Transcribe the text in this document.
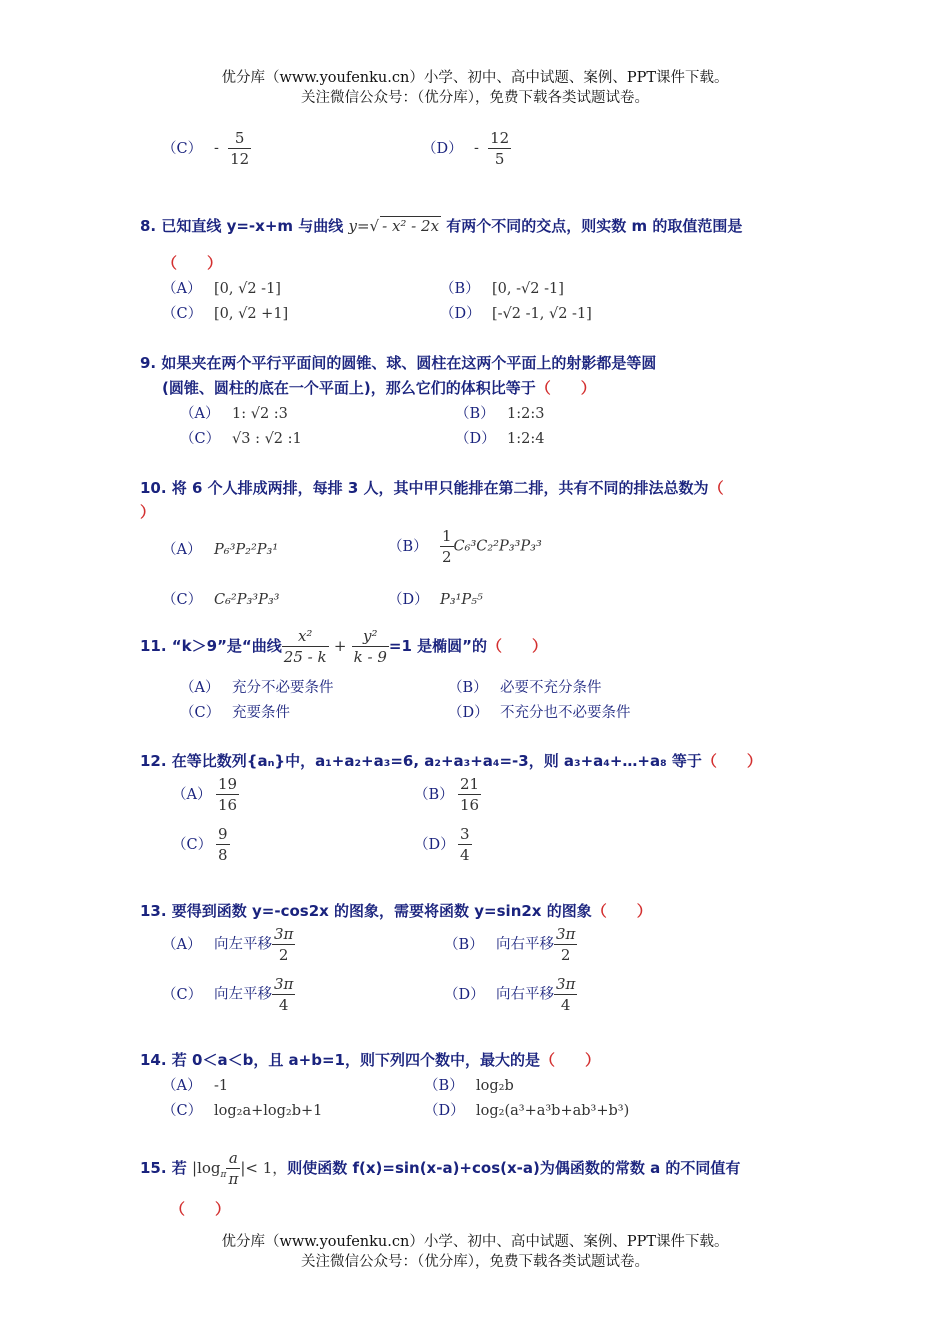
优分库（www.youfenku.cn）小学、初中、高中试题、案例、PPT课件下载。
关注微信公众号：（优分库），免费下载各类试题试卷。
$(C) - \frac{5}{12}$	$(D) - \frac{12}{5}$
8. 已知直线 y=-x+m 与曲线 y=√ - x² - 2x 有两个不同的交点，则实数 m 的取值范围是
（　　）
（A） [0, √2 -1]	（B） [0, -√2 -1]
（C） [0, √2 +1]	（D） [-√2 -1, √2 -1]
9. 如果夹在两个平行平面间的圆锥、球、圆柱在这两个平面上的射影都是等圆
(圆锥、圆柱的底在一个平面上)，那么它们的体积比等于（　　）
（A） 1: √2 :3	（B） 1:2:3
（C） √3 : √2 :1	（D） 1:2:4
10. 将 6 个人排成两排，每排 3 人，其中甲只能排在第二排，共有不同的排法总数为（
）
（A） P₆³P₂²P₃¹	$(B) \frac{1}{2} C_6^3C_2^2P_3^3P_3^3$
（C） C₆²P₃³P₃³	（D） P₃¹P₅⁵
11. “k＞9”是“曲线 $\frac{\text{x²}}{25 - k} + \frac{\text{y²}}{k - 9} =1$ 是椭圆”的（　　）
（A） 充分不必要条件	（B） 必要不充分条件
（C） 充要条件	（D） 不充分也不必要条件
12. 在等比数列{aₙ}中，a₁+a₂+a₃=6, a₂+a₃+a₄=-3，则 a₃+a₄+…+a₈ 等于（　　）
$(A) \frac{19}{16}$	$(B) \frac{21}{16}$
$(C) \frac{9}{8}$	$(D) \frac{3}{4}$
13. 要得到函数 y=-cos2x 的图象，需要将函数 y=sin2x 的图象（　　）
（A） 向左平移 $\frac{3\pi}{2}$	（B） 向右平移 $\frac{3\pi}{2}$
（C） 向左平移 $\frac{3\pi}{4}$	（D） 向右平移 $\frac{3\pi}{4}$
14. 若 0＜a＜b，且 a+b=1，则下列四个数中，最大的是（　　）
（A） -1	（B） log₂b
（C） log₂a+log₂b+1	（D） log₂(a³+a³b+ab³+b³)
15. 若 $|\log_\pi \frac{a}{\pi}$ |< 1，则使函数 f(x)=sin(x-a)+cos(x-a)为偶函数的常数 a 的不同值有
（　　）
优分库（www.youfenku.cn）小学、初中、高中试题、案例、PPT课件下载。
关注微信公众号：（优分库），免费下载各类试题试卷。
